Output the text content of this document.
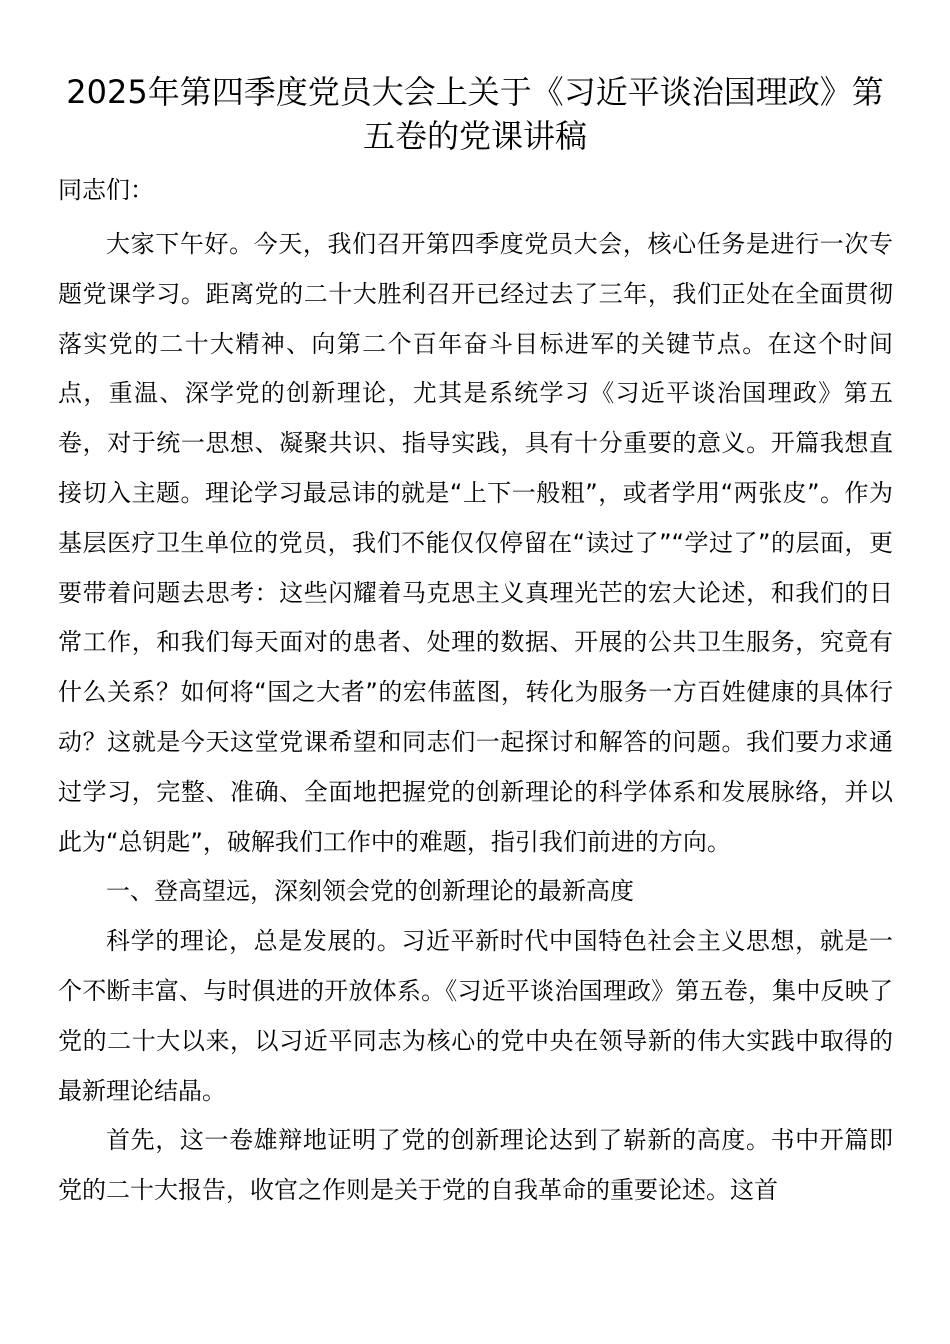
2025年第四季度党员大会上关于《习近平谈治国理政》第五卷的党课讲稿

同志们：

大家下午好。今天，我们召开第四季度党员大会，核心任务是进行一次专题党课学习。距离党的二十大胜利召开已经过去了三年，我们正处在全面贯彻落实党的二十大精神、向第二个百年奋斗目标进军的关键节点。在这个时间点，重温、深学党的创新理论，尤其是系统学习《习近平谈治国理政》第五卷，对于统一思想、凝聚共识、指导实践，具有十分重要的意义。开篇我想直接切入主题。理论学习最忌讳的就是“上下一般粗”，或者学用“两张皮”。作为基层医疗卫生单位的党员，我们不能仅仅停留在“读过了”“学过了”的层面，更要带着问题去思考：这些闪耀着马克思主义真理光芒的宏大论述，和我们的日常工作，和我们每天面对的患者、处理的数据、开展的公共卫生服务，究竟有什么关系？如何将“国之大者”的宏伟蓝图，转化为服务一方百姓健康的具体行动？这就是今天这堂党课希望和同志们一起探讨和解答的问题。我们要力求通过学习，完整、准确、全面地把握党的创新理论的科学体系和发展脉络，并以此为“总钥匙”，破解我们工作中的难题，指引我们前进的方向。

一、登高望远，深刻领会党的创新理论的最新高度

科学的理论，总是发展的。习近平新时代中国特色社会主义思想，就是一个不断丰富、与时俱进的开放体系。《习近平谈治国理政》第五卷，集中反映了党的二十大以来，以习近平同志为核心的党中央在领导新的伟大实践中取得的最新理论结晶。

首先，这一卷雄辩地证明了党的创新理论达到了崭新的高度。书中开篇即党的二十大报告，收官之作则是关于党的自我革命的重要论述。这首
